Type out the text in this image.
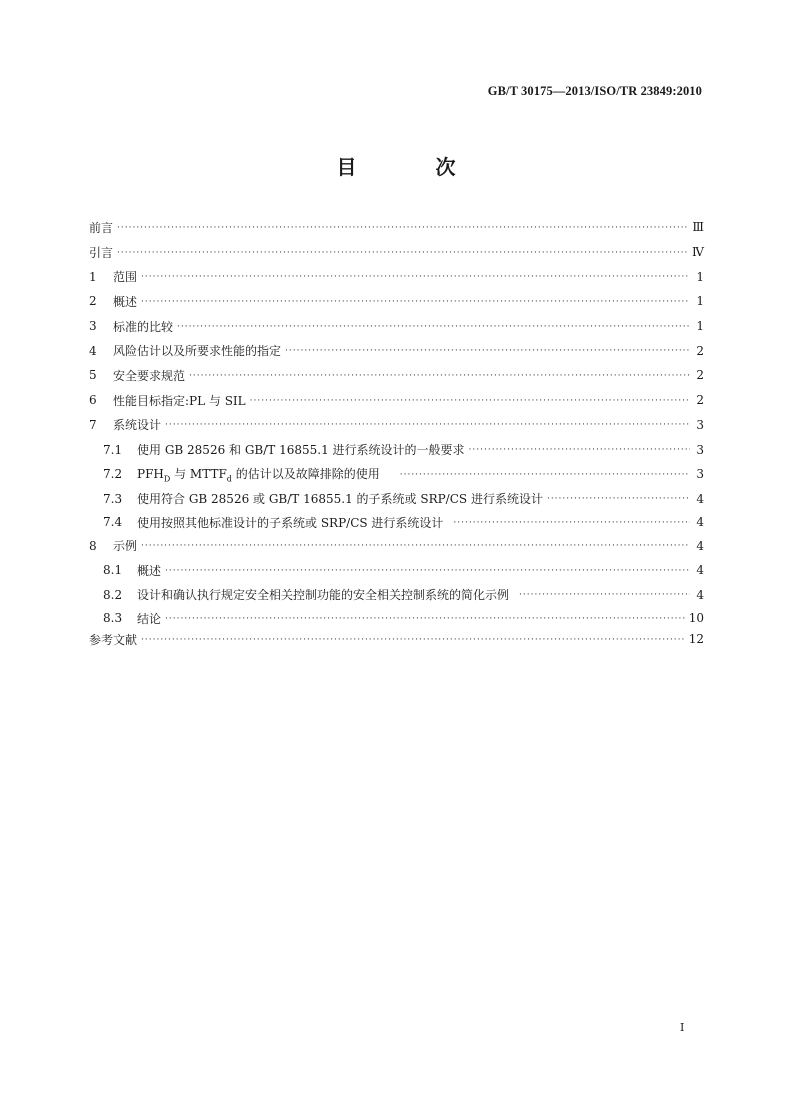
GB/T 30175—2013/ISO/TR 23849:2010
目 次
前言 ·····	Ⅲ
引言 ·····	Ⅳ
1	范围 ·····	1
2	概述 ·····	1
3	标准的比较 ·····	1
4	风险估计以及所要求性能的指定 ·····	2
5	安全要求规范 ·····	2
6	性能目标指定:PL 与 SIL ·····	2
7	系统设计 ·····	3
7.1	使用 GB 28526 和 GB/T 16855.1 进行系统设计的一般要求 ·····	3
7.2	$PFH_D$ 与 $MTTF_d$ 的估计以及故障排除的使用 ·····	3
7.3	使用符合 GB 28526 或 GB/T 16855.1 的子系统或 SRP/CS 进行系统设计 ·····	4
7.4	使用按照其他标准设计的子系统或 SRP/CS 进行系统设计 ·····	4
8	示例 ·····	4
8.1	概述 ·····	4
8.2	设计和确认执行规定安全相关控制功能的安全相关控制系统的简化示例 ·····	4
8.3	结论 ·····	10
参考文献 ·····	12
I
